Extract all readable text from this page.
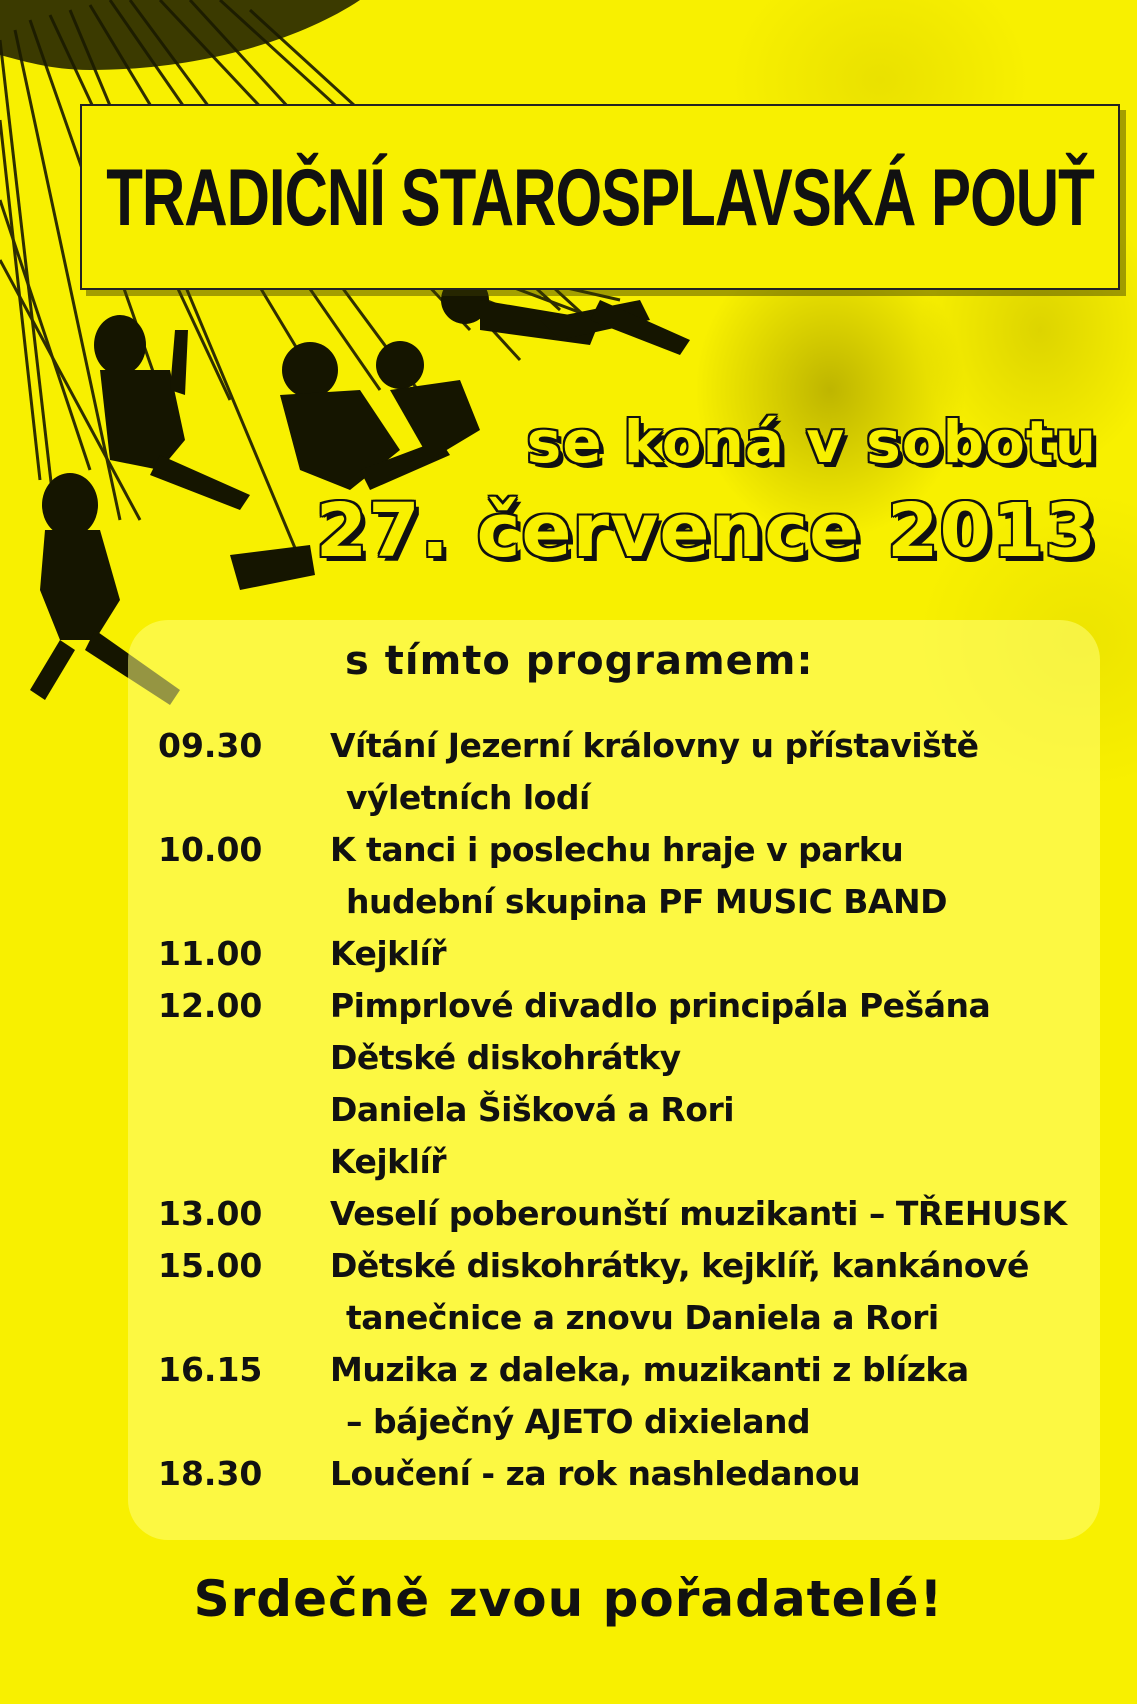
TRADIČNÍ STAROSPLAVSKÁ POUŤ
se koná v sobotu
27. července 2013
s tímto programem:
09.30 Vítání Jezerní královny u přístaviště
výletních lodí
10.00 K tanci i poslechu hraje v parku
hudební skupina PF MUSIC BAND
11.00 Kejklíř
12.00 Pimprlové divadlo principála Pešána
Dětské diskohrátky
Daniela Šišková a Rori
Kejklíř
13.00 Veselí poberounští muzikanti – TŘEHUSK
15.00 Dětské diskohrátky, kejklíř, kankánové
tanečnice a znovu Daniela a Rori
16.15 Muzika z daleka, muzikanti z blízka
– báječný AJETO dixieland
18.30 Loučení - za rok nashledanou
Srdečně zvou pořadatelé!
